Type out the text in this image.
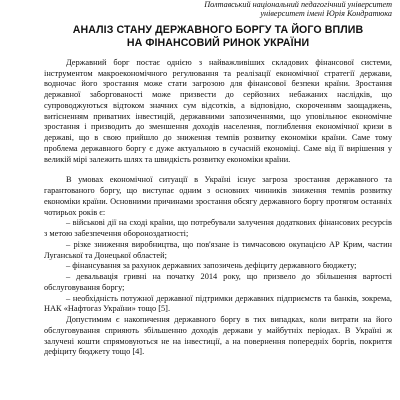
Полтавський національний педагогічний університет
університет імені Юрія Кондратюка
АНАЛІЗ СТАНУ ДЕРЖАВНОГО БОРГУ ТА ЙОГО ВПЛИВ
НА ФІНАНСОВИЙ РИНОК УКРАЇНИ

Державний борг постає однією з найважливіших складових фінансової системи, інструментом макроекономічного регулювання та реалізації економічної стратегії держави, водночас його зростання може стати загрозою для фінансової безпеки країни. Зростання державної заборгованості може призвести до серйозних небажаних наслідків, що супроводжуються відтоком значних сум відсотків, а відповідно, скороченням заощаджень, витісненням приватних інвестицій, державними запозиченнями, що уповільнює економічне зростання і призводить до зменшення доходів населення, поглиблення економічної кризи в державі, що в свою прийшло до зниження темпів розвитку економіки країни. Саме тому проблема державного боргу є дуже актуальною в сучасній економіці. Саме від її вирішення у великій мірі залежить шлях та швидкість розвитку економіки країни.

В умовах економічної ситуації в Україні існує загроза зростання державного та гарантованого боргу, що виступає одним з основних чинників зниження темпів розвитку економіки країни. Основними причинами зростання обсягу державного боргу протягом останніх чотирьох років є:

– військові дії на сході країни, що потребували залучення додаткових фінансових ресурсів з метою забезпечення обороноздатності;

– різке зниження виробництва, що пов'язане із тимчасовою окупацією АР Крим, частин Луганської та Донецької областей;

– фінансування за рахунок державних запозичень дефіциту державного бюджету;

– девальвація гривні на початку 2014 року, що призвело до збільшення вартості обслуговування боргу;

– необхідність потужної державної підтримки державних підприємств та банків, зокрема, НАК «Нафтогаз України» тощо [5].

Допустимим є накопичення державного боргу в тих випадках, коли витрати на його обслуговування сприяють збільшенню доходів держави у майбутніх періодах. В Україні ж залучені кошти спрямовуються не на інвестиції, а на повернення попередніх боргів, покриття дефіциту бюджету тощо [4].
